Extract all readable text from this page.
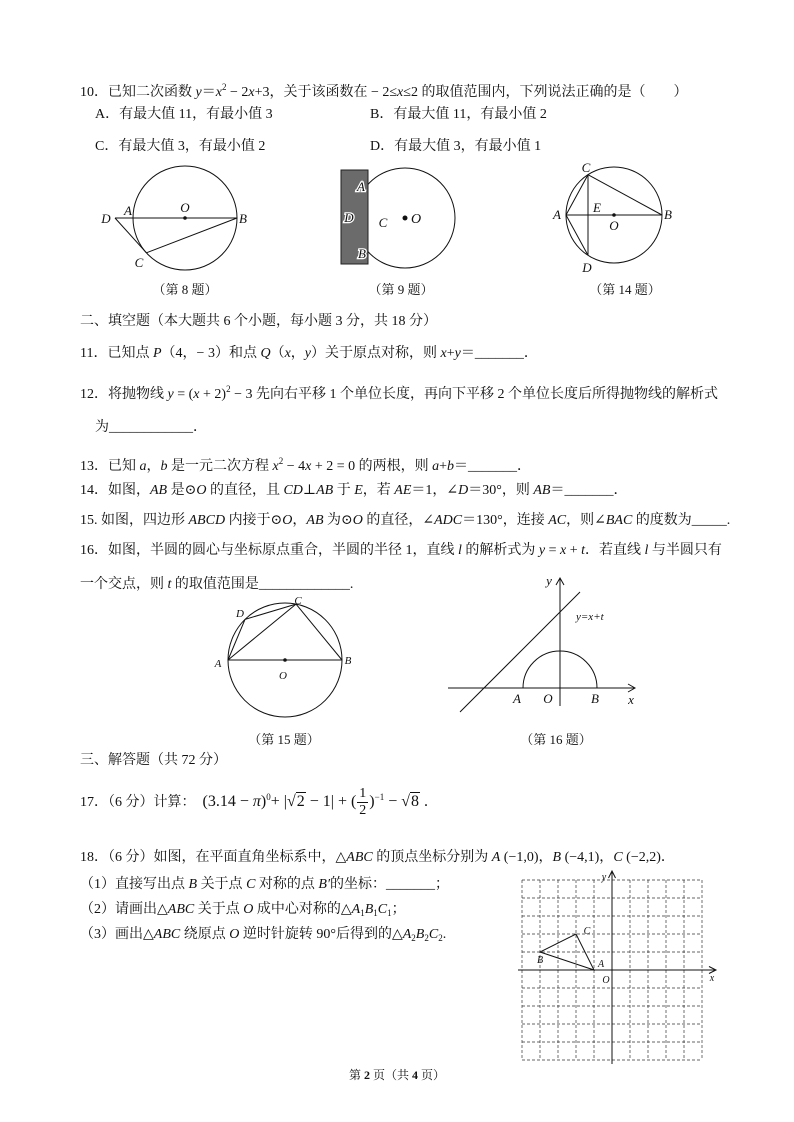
10．已知二次函数 $y=x^2 - 2x+3$，关于该函数在 − 2≤x≤2 的取值范围内，下列说法正确的是（　　）
A．有最大值 11，有最小值 3	B．有最大值 11，有最小值 2
C．有最大值 3，有最小值 2	D．有最大值 3，有最小值 1
（第 8 题）	（第 9 题）	（第 14 题）
二、填空题（本大题共 6 个小题，每小题 3 分，共 18 分）
11．已知点 P（4，− 3）和点 Q（x，y）关于原点对称，则 x+y＝_______．
12．将抛物线 $y = (x + 2)^2 - 3$ 先向右平移 1 个单位长度，再向下平移 2 个单位长度后所得抛物线的解析式
为____________．
13．已知 a，b 是一元二次方程 $x^2 - 4x + 2 = 0$ 的两根，则 a+b＝_______．
14．如图，AB 是⊙O 的直径，且 CD⊥AB 于 E，若 AE＝1，∠D＝30°，则 AB＝_______．
15. 如图，四边形 ABCD 内接于⊙O，AB 为⊙O 的直径，∠ADC＝130°，连接 AC，则∠BAC 的度数为_____.
16．如图，半圆的圆心与坐标原点重合，半圆的半径 1，直线 l 的解析式为 y = x + t．若直线 l 与半圆只有
一个交点，则 t 的取值范围是_____________.
（第 15 题）	（第 16 题）
三、解答题（共 72 分）
17．（6 分）计算：　$(3.14 - \pi)^0+$ |√ 2 − 1| + ( $\frac{1}{2} )^{-1}$ − √ 8 .
18．（6 分）如图，在平面直角坐标系中，△ABC 的顶点坐标分别为 A (−1,0)，B (−4,1)，C (−2,2)．
（1）直接写出点 B 关于点 C 对称的点 B′的坐标：_______；
（2）请画出△ABC 关于点 O 成中心对称的$\triangle A_1B_1C_1$；
（3）画出△ABC 绕原点 O 逆时针旋转 90°后得到的$\triangle A_2B_2C_2$.
第 2 页（共 4 页）
D
A	O
B
C
A
D
B
C O
C
A E
O
B
D
D
C
A
O
B
y
y=x+t
A O	B x
y
C
B	A
O	x
